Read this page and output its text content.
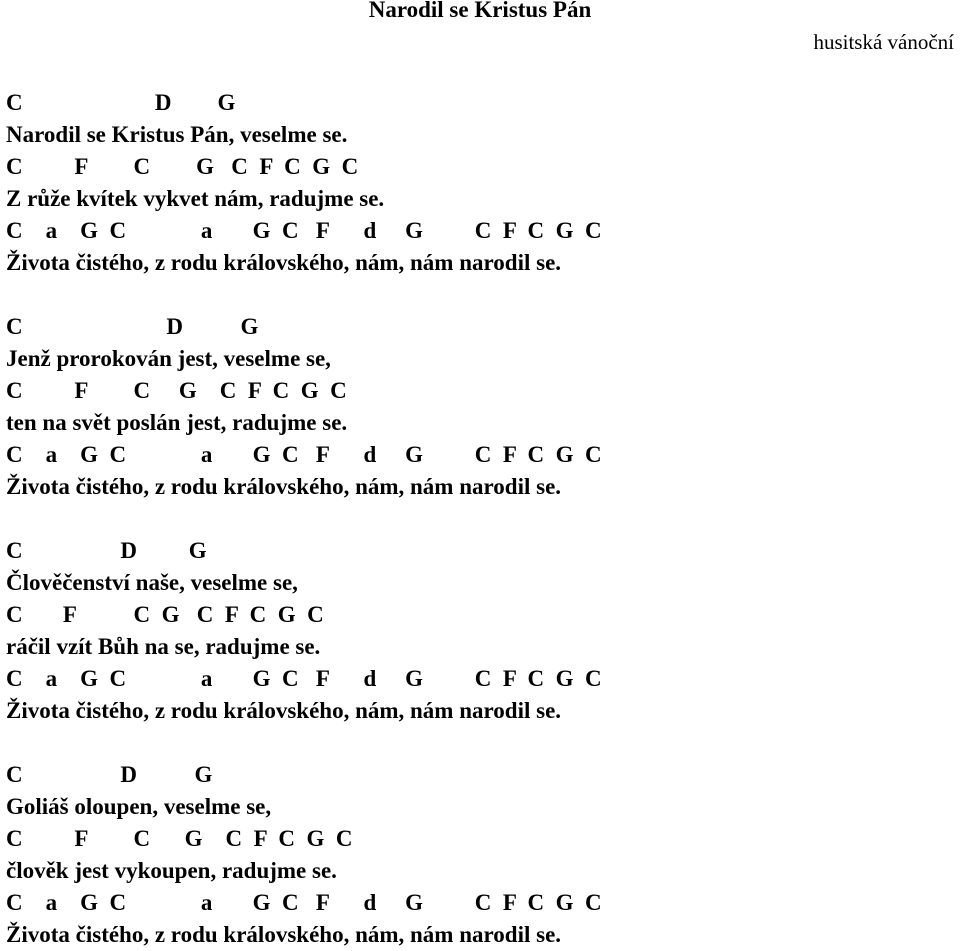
Narodil se Kristus Pán
husitská vánoční
C                       D        G
Narodil se Kristus Pán, veselme se.
C         F        C        G   C  F  C  G  C
Z růže kvítek vykvet nám, radujme se.
C    a    G  C             a       G  C   F      d     G         C  F  C  G  C
Života čistého, z rodu královského, nám, nám narodil se.
C                         D          G
Jenž prorokován jest, veselme se,
C         F        C     G    C  F  C  G  C
ten na svět poslán jest, radujme se.
C    a    G  C             a       G  C   F      d     G         C  F  C  G  C
Života čistého, z rodu královského, nám, nám narodil se.
C                 D         G
Člověčenství naše, veselme se,
C       F          C  G   C  F  C  G  C
ráčil vzít Bůh na se, radujme se.
C    a    G  C             a       G  C   F      d     G         C  F  C  G  C
Života čistého, z rodu královského, nám, nám narodil se.
C                 D          G
Goliáš oloupen, veselme se,
C         F        C      G    C  F  C  G  C
člověk jest vykoupen, radujme se.
C    a    G  C             a       G  C   F      d     G         C  F  C  G  C
Života čistého, z rodu královského, nám, nám narodil se.
